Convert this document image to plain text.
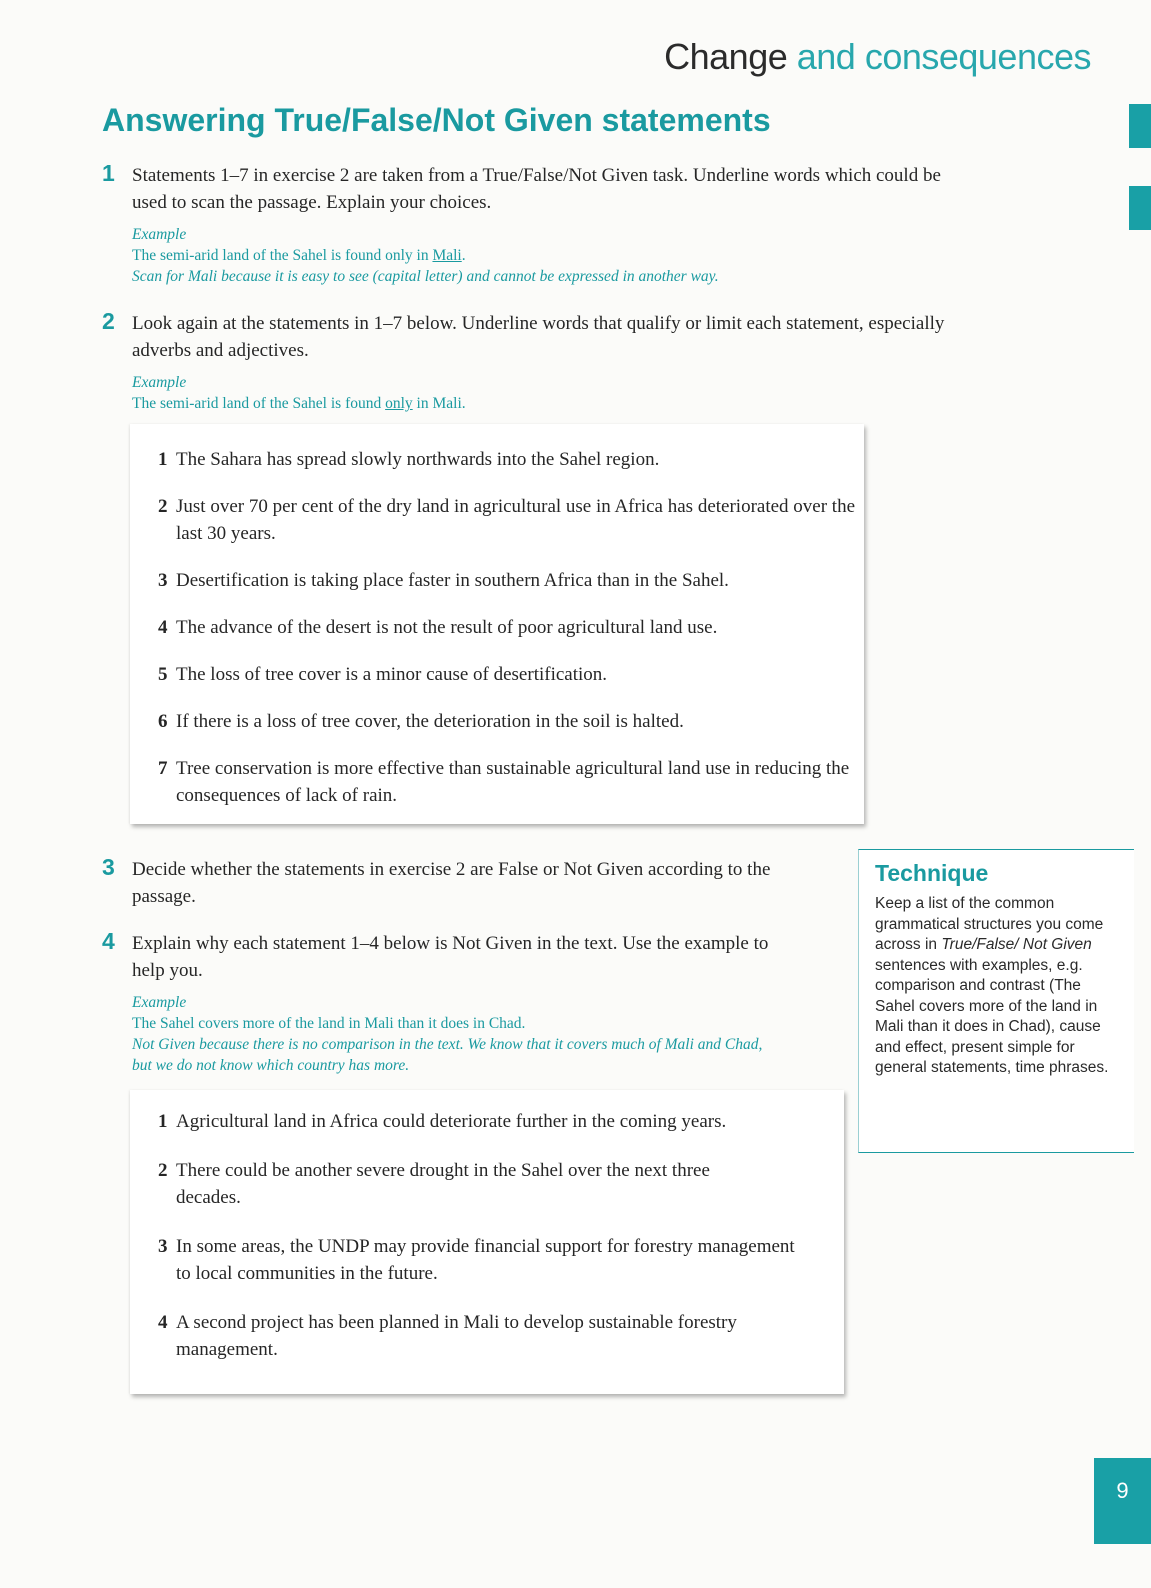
Change and consequences
Answering True/False/Not Given statements
1 Statements 1–7 in exercise 2 are taken from a True/False/Not Given task. Underline words which could be used to scan the passage. Explain your choices.
Example
The semi-arid land of the Sahel is found only in Mali.
Scan for Mali because it is easy to see (capital letter) and cannot be expressed in another way.
2 Look again at the statements in 1–7 below. Underline words that qualify or limit each statement, especially adverbs and adjectives.
Example
The semi-arid land of the Sahel is found only in Mali.
1 The Sahara has spread slowly northwards into the Sahel region.
2 Just over 70 per cent of the dry land in agricultural use in Africa has deteriorated over the last 30 years.
3 Desertification is taking place faster in southern Africa than in the Sahel.
4 The advance of the desert is not the result of poor agricultural land use.
5 The loss of tree cover is a minor cause of desertification.
6 If there is a loss of tree cover, the deterioration in the soil is halted.
7 Tree conservation is more effective than sustainable agricultural land use in reducing the consequences of lack of rain.
3 Decide whether the statements in exercise 2 are False or Not Given according to the passage.
4 Explain why each statement 1–4 below is Not Given in the text. Use the example to help you.
Example
The Sahel covers more of the land in Mali than it does in Chad.
Not Given because there is no comparison in the text. We know that it covers much of Mali and Chad, but we do not know which country has more.
1 Agricultural land in Africa could deteriorate further in the coming years.
2 There could be another severe drought in the Sahel over the next three decades.
3 In some areas, the UNDP may provide financial support for forestry management to local communities in the future.
4 A second project has been planned in Mali to develop sustainable forestry management.
Technique

Keep a list of the common grammatical structures you come across in True/False/ Not Given sentences with examples, e.g. comparison and contrast (The Sahel covers more of the land in Mali than it does in Chad), cause and effect, present simple for general statements, time phrases.

9
